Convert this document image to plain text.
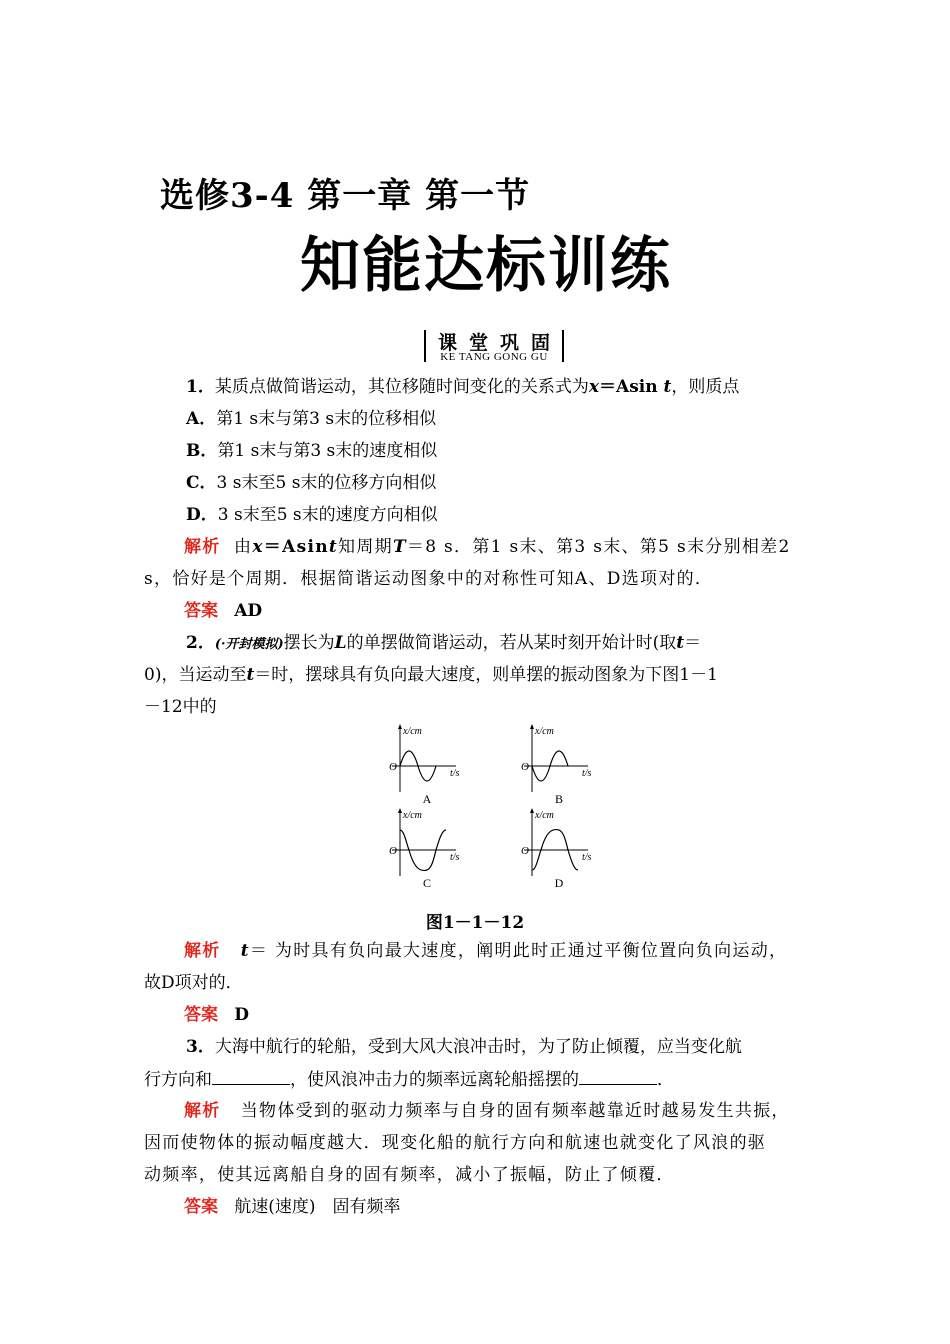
选修3-4 第一章 第一节
知能达标训练
课堂巩固
KE TANG GONG GU
1．某质点做简谐运动，其位移随时间变化的关系式为x＝Asin t，则质点
A．第1 s末与第3 s末的位移相似
B．第1 s末与第3 s末的速度相似
C．3 s末至5 s末的位移方向相似
D．3 s末至5 s末的速度方向相似
解析 由x＝Asint知周期T＝8 s．第1 s末、第3 s末、第5 s末分别相差2
s，恰好是个周期．根据简谐运动图象中的对称性可知A、D选项对的．
答案 AD
2．(·开封模拟)摆长为L的单摆做简谐运动，若从某时刻开始计时(取t＝
0)，当运动至t＝时，摆球具有负向最大速度，则单摆的振动图象为下图1－1
－12中的
x/cm
O
t/s
A
x/cm
O
t/s
B
x/cm
O
t/s
C
x/cm
O
t/s
D
图1－1－12
解析 t＝ 为时具有负向最大速度，阐明此时正通过平衡位置向负向运动，
故D项对的．
答案 D
3．大海中航行的轮船，受到大风大浪冲击时，为了防止倾覆，应当变化航
行方向和	，使风浪冲击力的频率远离轮船摇摆的	．
解析 当物体受到的驱动力频率与自身的固有频率越靠近时越易发生共振，
因而使物体的振动幅度越大．现变化船的航行方向和航速也就变化了风浪的驱
动频率，使其远离船自身的固有频率，减小了振幅，防止了倾覆．
答案 航速(速度)　固有频率
